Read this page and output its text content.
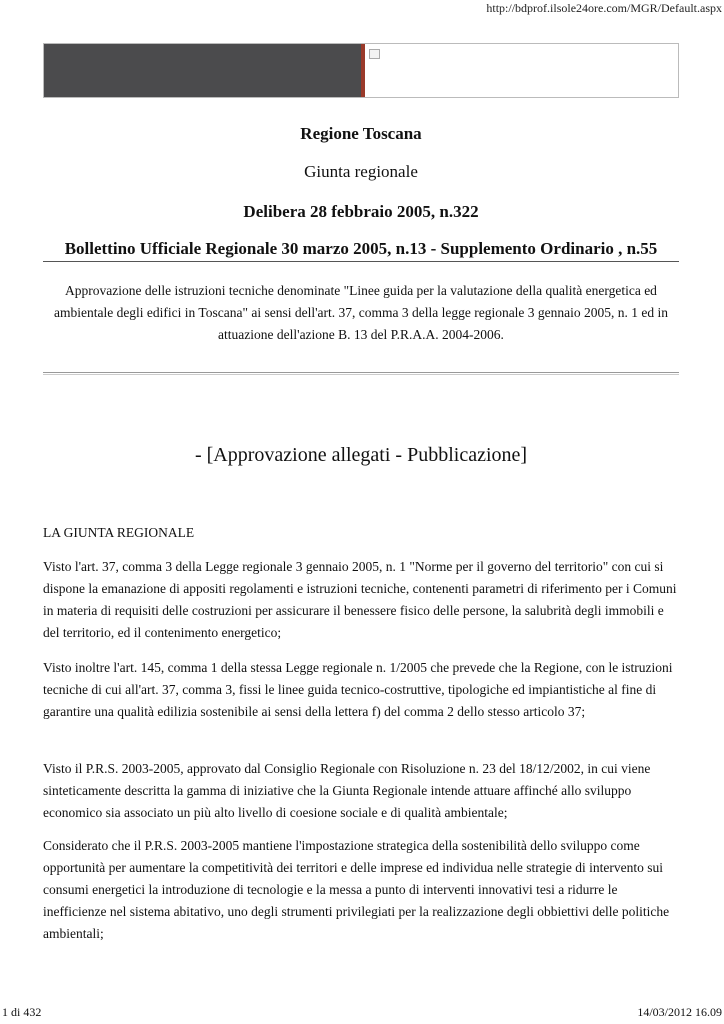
http://bdprof.ilsole24ore.com/MGR/Default.aspx
Regione Toscana
Giunta regionale
Delibera 28 febbraio 2005, n.322
Bollettino Ufficiale Regionale 30 marzo 2005, n.13 - Supplemento Ordinario , n.55
Approvazione delle istruzioni tecniche denominate "Linee guida per la valutazione della qualità energetica ed ambientale degli edifici in Toscana" ai sensi dell'art. 37, comma 3 della legge regionale 3 gennaio 2005, n. 1 ed in attuazione dell'azione B. 13 del P.R.A.A. 2004-2006.
- [Approvazione allegati - Pubblicazione]
LA GIUNTA REGIONALE
Visto l'art. 37, comma 3 della Legge regionale 3 gennaio 2005, n. 1 "Norme per il governo del territorio" con cui si dispone la emanazione di appositi regolamenti e istruzioni tecniche, contenenti parametri di riferimento per i Comuni in materia di requisiti delle costruzioni per assicurare il benessere fisico delle persone, la salubrità degli immobili e del territorio, ed il contenimento energetico;
Visto inoltre l'art. 145, comma 1 della stessa Legge regionale n. 1/2005 che prevede che la Regione, con le istruzioni tecniche di cui all'art. 37, comma 3, fissi le linee guida tecnico-costruttive, tipologiche ed impiantistiche al fine di garantire una qualità edilizia sostenibile ai sensi della lettera f) del comma 2 dello stesso articolo 37;
Visto il P.R.S. 2003-2005, approvato dal Consiglio Regionale con Risoluzione n. 23 del 18/12/2002, in cui viene sinteticamente descritta la gamma di iniziative che la Giunta Regionale intende attuare affinché allo sviluppo economico sia associato un più alto livello di coesione sociale e di qualità ambientale;
Considerato che il P.R.S. 2003-2005 mantiene l'impostazione strategica della sostenibilità dello sviluppo come opportunità per aumentare la competitività dei territori e delle imprese ed individua nelle strategie di intervento sui consumi energetici la introduzione di tecnologie e la messa a punto di interventi innovativi tesi a ridurre le inefficienze nel sistema abitativo, uno degli strumenti privilegiati per la realizzazione degli obbiettivi delle politiche ambientali;
1 di 432	14/03/2012 16.09
